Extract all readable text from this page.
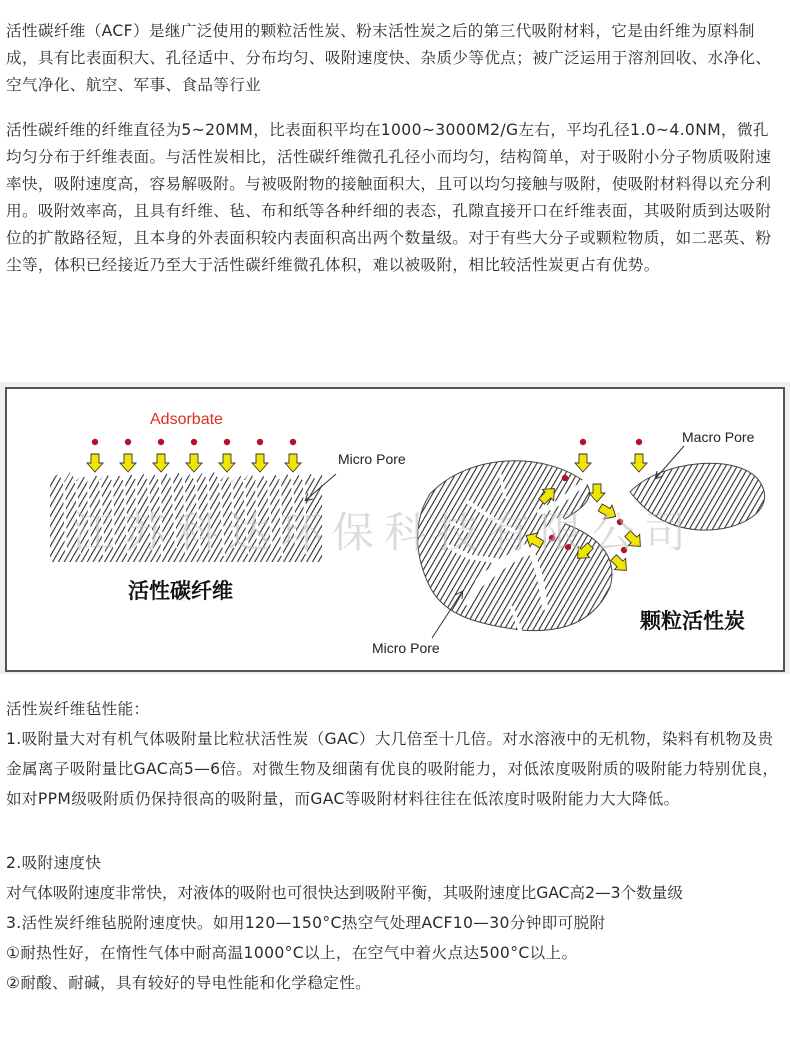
活性碳纤维（ACF）是继广泛使用的颗粒活性炭、粉末活性炭之后的第三代吸附材料，它是由纤维为原料制成，具有比表面积大、孔径适中、分布均匀、吸附速度快、杂质少等优点；被广泛运用于溶剂回收、水净化、空气净化、航空、军事、食品等行业

活性碳纤维的纤维直径为5~20MM，比表面积平均在1000~3000M2/G左右，平均孔径1.0~4.0NM，微孔均匀分布于纤维表面。与活性炭相比，活性碳纤维微孔孔径小而均匀，结构简单，对于吸附小分子物质吸附速率快，吸附速度高，容易解吸附。与被吸附物的接触面积大，且可以均匀接触与吸附，使吸附材料得以充分利用。吸附效率高，且具有纤维、毡、布和纸等各种纤细的表态，孔隙直接开口在纤维表面，其吸附质到达吸附位的扩散路径短，且本身的外表面积较内表面积高出两个数量级。对于有些大分子或颗粒物质，如二恶英、粉尘等，体积已经接近乃至大于活性碳纤维微孔体积，难以被吸附，相比较活性炭更占有优势。

Adsorbate
Micro Pore
活性碳纤维
Macro Pore
Micro Pore
颗粒活性炭
江苏科达环保科技有限公司
活性炭纤维毡性能：

1.吸附量大对有机气体吸附量比粒状活性炭（GAC）大几倍至十几倍。对水溶液中的无机物，染料有机物及贵金属离子吸附量比GAC高5—6倍。对微生物及细菌有优良的吸附能力，对低浓度吸附质的吸附能力特别优良，如对PPM级吸附质仍保持很高的吸附量，而GAC等吸附材料往往在低浓度时吸附能力大大降低。

2.吸附速度快
对气体吸附速度非常快，对液体的吸附也可很快达到吸附平衡，其吸附速度比GAC高2—3个数量级
3.活性炭纤维毡脱附速度快。如用120—150°C热空气处理ACF10—30分钟即可脱附
①耐热性好，在惰性气体中耐高温1000°C以上，在空气中着火点达500°C以上。
②耐酸、耐碱，具有较好的导电性能和化学稳定性。
